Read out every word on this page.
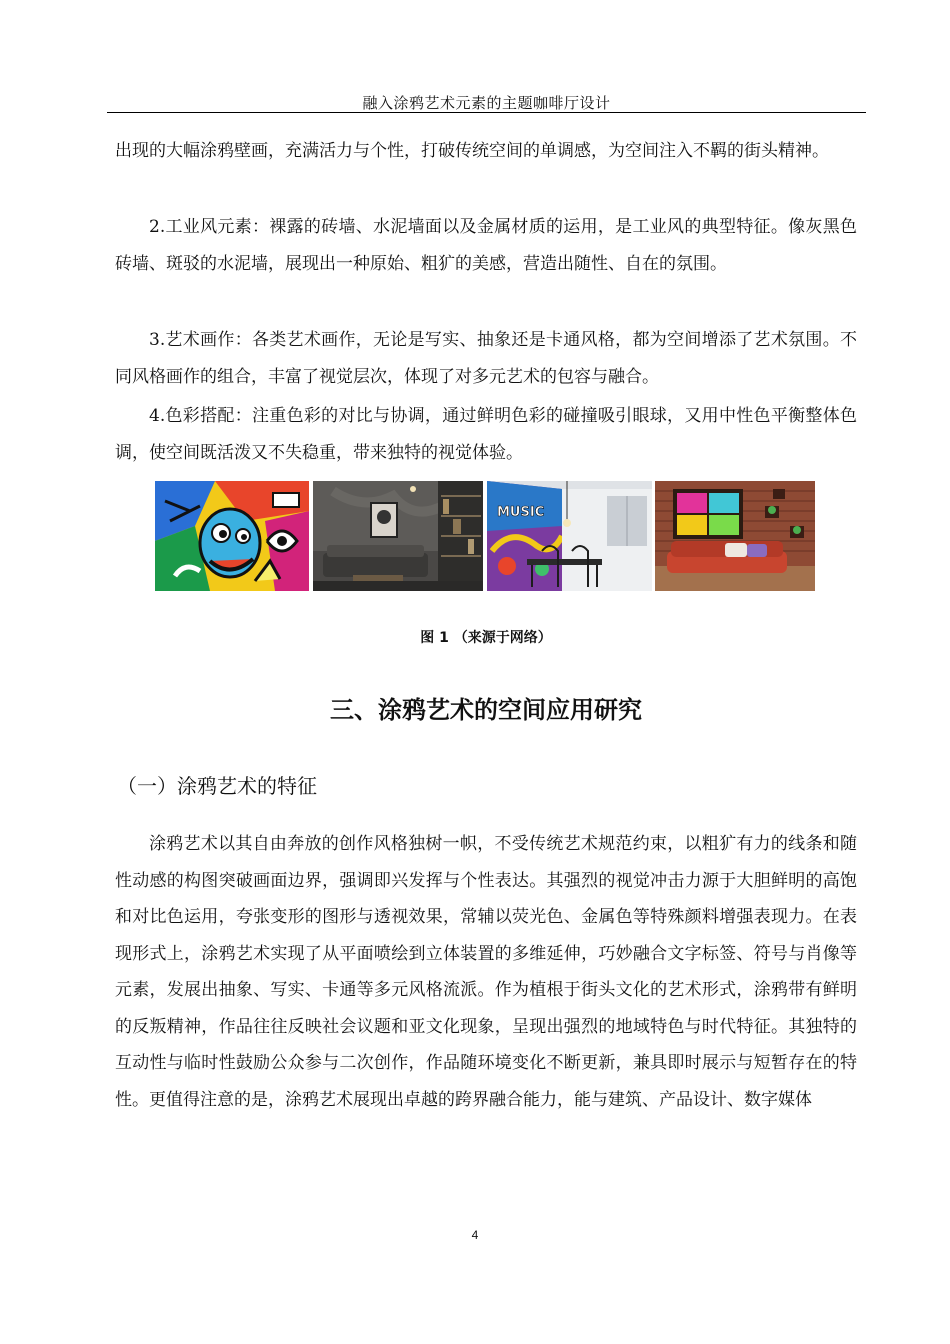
融入涂鸦艺术元素的主题咖啡厅设计

出现的大幅涂鸦壁画，充满活力与个性，打破传统空间的单调感，为空间注入不羁的街头精神。

2.工业风元素：裸露的砖墙、水泥墙面以及金属材质的运用，是工业风的典型特征。像灰黑色砖墙、斑驳的水泥墙，展现出一种原始、粗犷的美感，营造出随性、自在的氛围。

3.艺术画作：各类艺术画作，无论是写实、抽象还是卡通风格，都为空间增添了艺术氛围。不同风格画作的组合，丰富了视觉层次，体现了对多元艺术的包容与融合。

4.色彩搭配：注重色彩的对比与协调，通过鲜明色彩的碰撞吸引眼球，又用中性色平衡整体色调，使空间既活泼又不失稳重，带来独特的视觉体验。

MUSIC
图 1 （来源于网络）
三、涂鸦艺术的空间应用研究
（一）涂鸦艺术的特征

涂鸦艺术以其自由奔放的创作风格独树一帜，不受传统艺术规范约束，以粗犷有力的线条和随性动感的构图突破画面边界，强调即兴发挥与个性表达。其强烈的视觉冲击力源于大胆鲜明的高饱和对比色运用，夸张变形的图形与透视效果，常辅以荧光色、金属色等特殊颜料增强表现力。在表现形式上，涂鸦艺术实现了从平面喷绘到立体装置的多维延伸，巧妙融合文字标签、符号与肖像等元素，发展出抽象、写实、卡通等多元风格流派。作为植根于街头文化的艺术形式，涂鸦带有鲜明的反叛精神，作品往往反映社会议题和亚文化现象，呈现出强烈的地域特色与时代特征。其独特的互动性与临时性鼓励公众参与二次创作，作品随环境变化不断更新，兼具即时展示与短暂存在的特性。更值得注意的是，涂鸦艺术展现出卓越的跨界融合能力，能与建筑、产品设计、数字媒体

4
